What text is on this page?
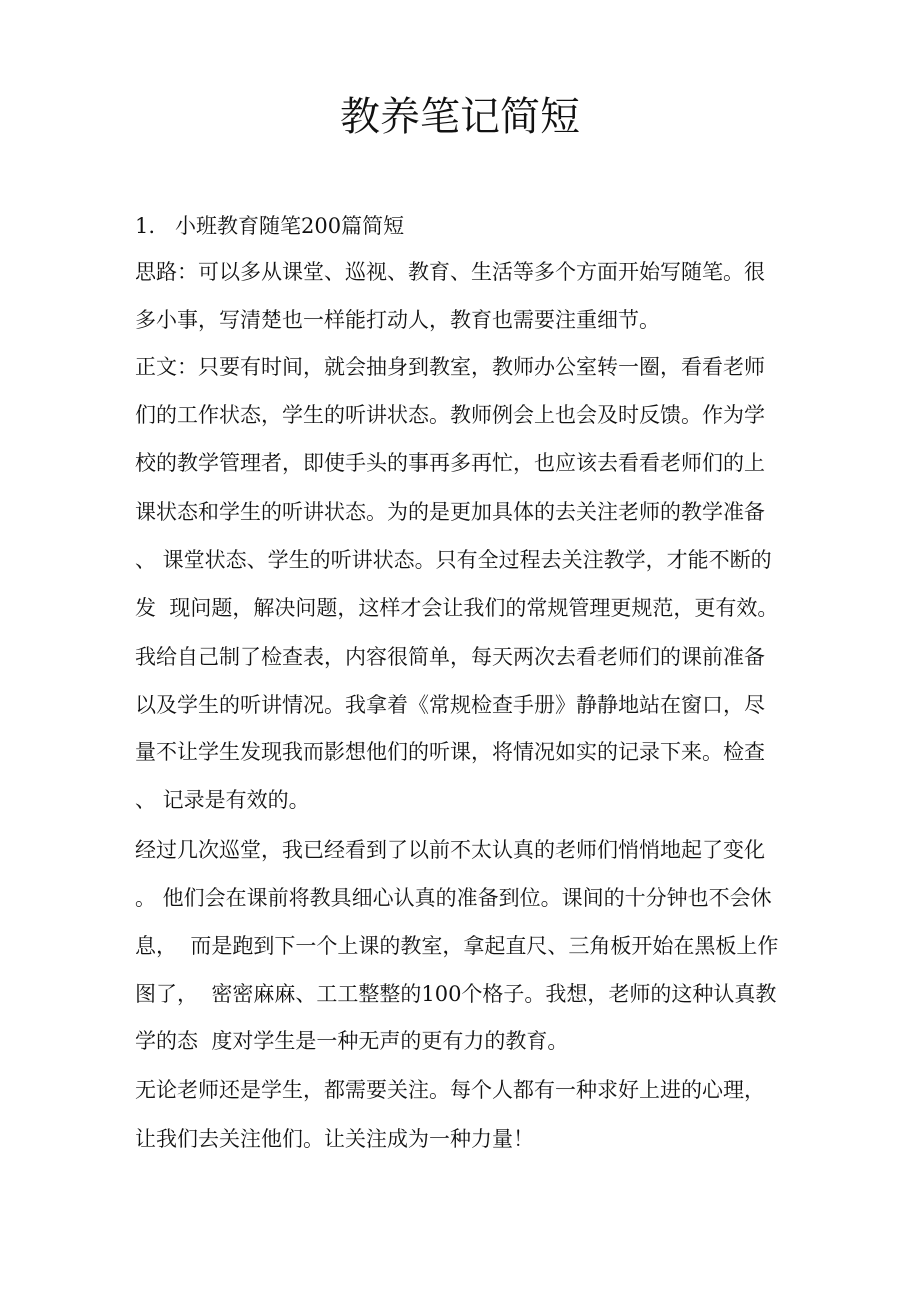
教养笔记简短
1.   小班教育随笔200篇简短
思路：可以多从课堂、巡视、教育、生活等多个方面开始写随笔。很
多小事，写清楚也一样能打动人，教育也需要注重细节。
正文：只要有时间，就会抽身到教室，教师办公室转一圈，看看老师
们的工作状态，学生的听讲状态。教师例会上也会及时反馈。作为学
校的教学管理者，即使手头的事再多再忙，也应该去看看老师们的上
课状态和学生的听讲状态。为的是更加具体的去关注老师的教学准备
、 课堂状态、学生的听讲状态。只有全过程去关注教学，才能不断的
发  现问题，解决问题，这样才会让我们的常规管理更规范，更有效。
我给自己制了检查表，内容很简单，每天两次去看老师们的课前准备
以及学生的听讲情况。我拿着《常规检查手册》静静地站在窗口，尽
量不让学生发现我而影想他们的听课，将情况如实的记录下来。检查
、 记录是有效的。
经过几次巡堂，我已经看到了以前不太认真的老师们悄悄地起了变化
。 他们会在课前将教具细心认真的准备到位。课间的十分钟也不会休
息，  而是跑到下一个上课的教室，拿起直尺、三角板开始在黑板上作
图了，  密密麻麻、工工整整的100个格子。我想，老师的这种认真教
学的态  度对学生是一种无声的更有力的教育。
无论老师还是学生，都需要关注。每个人都有一种求好上进的心理，
让我们去关注他们。让关注成为一种力量！
